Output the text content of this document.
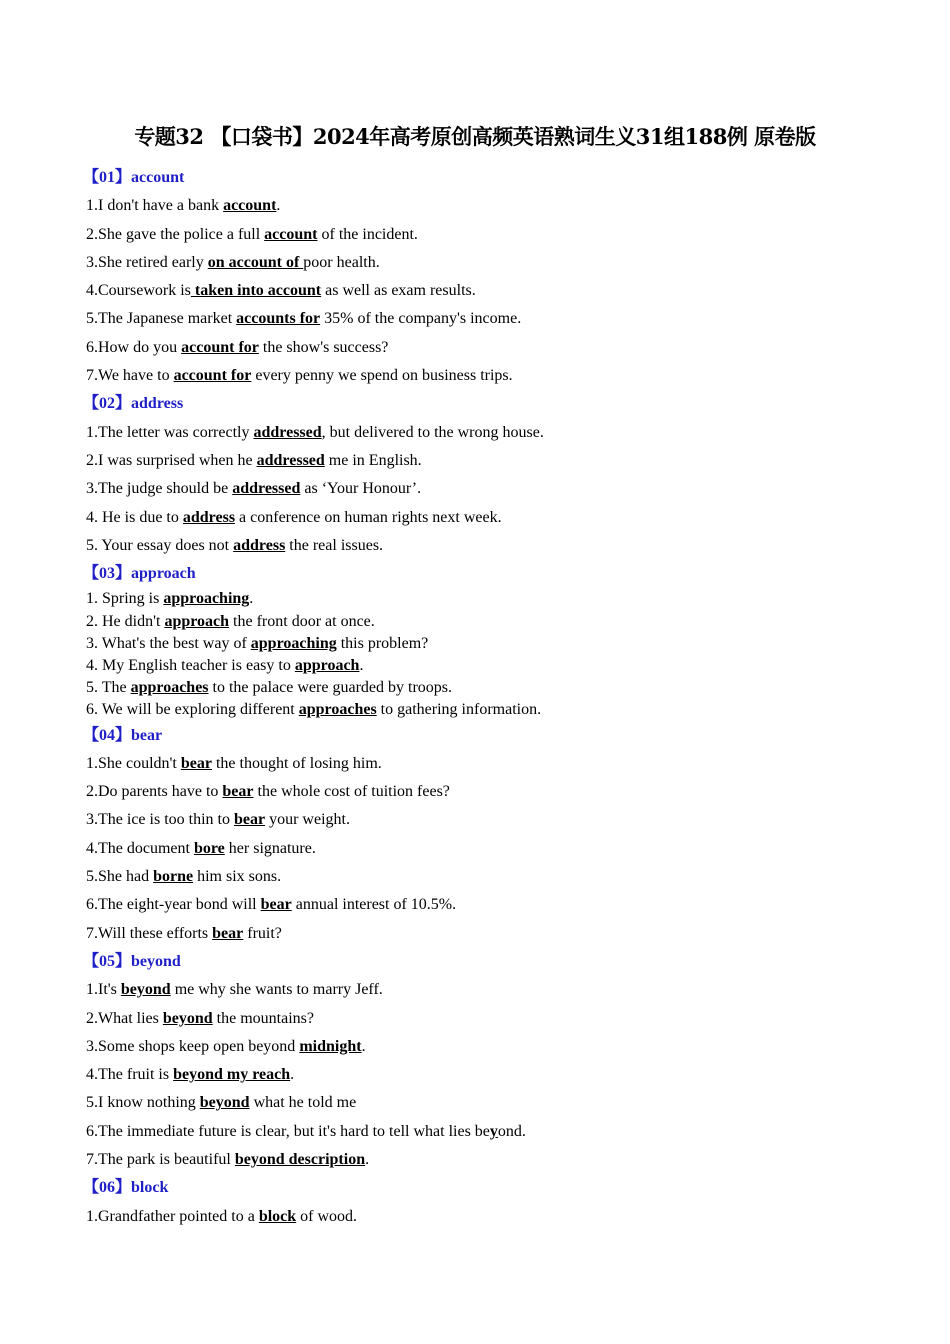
专题32 【口袋书】2024年高考原创高频英语熟词生义31组188例 原卷版
【01】account
1.I don't have a bank account.
2.She gave the police a full account of the incident.
3.She retired early on account of poor health.
4.Coursework is taken into account as well as exam results.
5.The Japanese market accounts for 35% of the company's income.
6.How do you account for the show's success?
7.We have to account for every penny we spend on business trips.
【02】address
1.The letter was correctly addressed, but delivered to the wrong house.
2.I was surprised when he addressed me in English.
3.The judge should be addressed as ‘Your Honour’.
4. He is due to address a conference on human rights next week.
5. Your essay does not address the real issues.
【03】approach
1. Spring is approaching.
2. He didn't approach the front door at once.
3. What's the best way of approaching this problem?
4. My English teacher is easy to approach.
5. The approaches to the palace were guarded by troops.
6. We will be exploring different approaches to gathering information.
【04】bear
1.She couldn't bear the thought of losing him.
2.Do parents have to bear the whole cost of tuition fees?
3.The ice is too thin to bear your weight.
4.The document bore her signature.
5.She had borne him six sons.
6.The eight-year bond will bear annual interest of 10.5%.
7.Will these efforts bear fruit?
【05】beyond
1.It's beyond me why she wants to marry Jeff.
2.What lies beyond the mountains?
3.Some shops keep open beyond midnight.
4.The fruit is beyond my reach.
5.I know nothing beyond what he told me
6.The immediate future is clear, but it's hard to tell what lies beyond.
7.The park is beautiful beyond description.
【06】block
1.Grandfather pointed to a block of wood.
